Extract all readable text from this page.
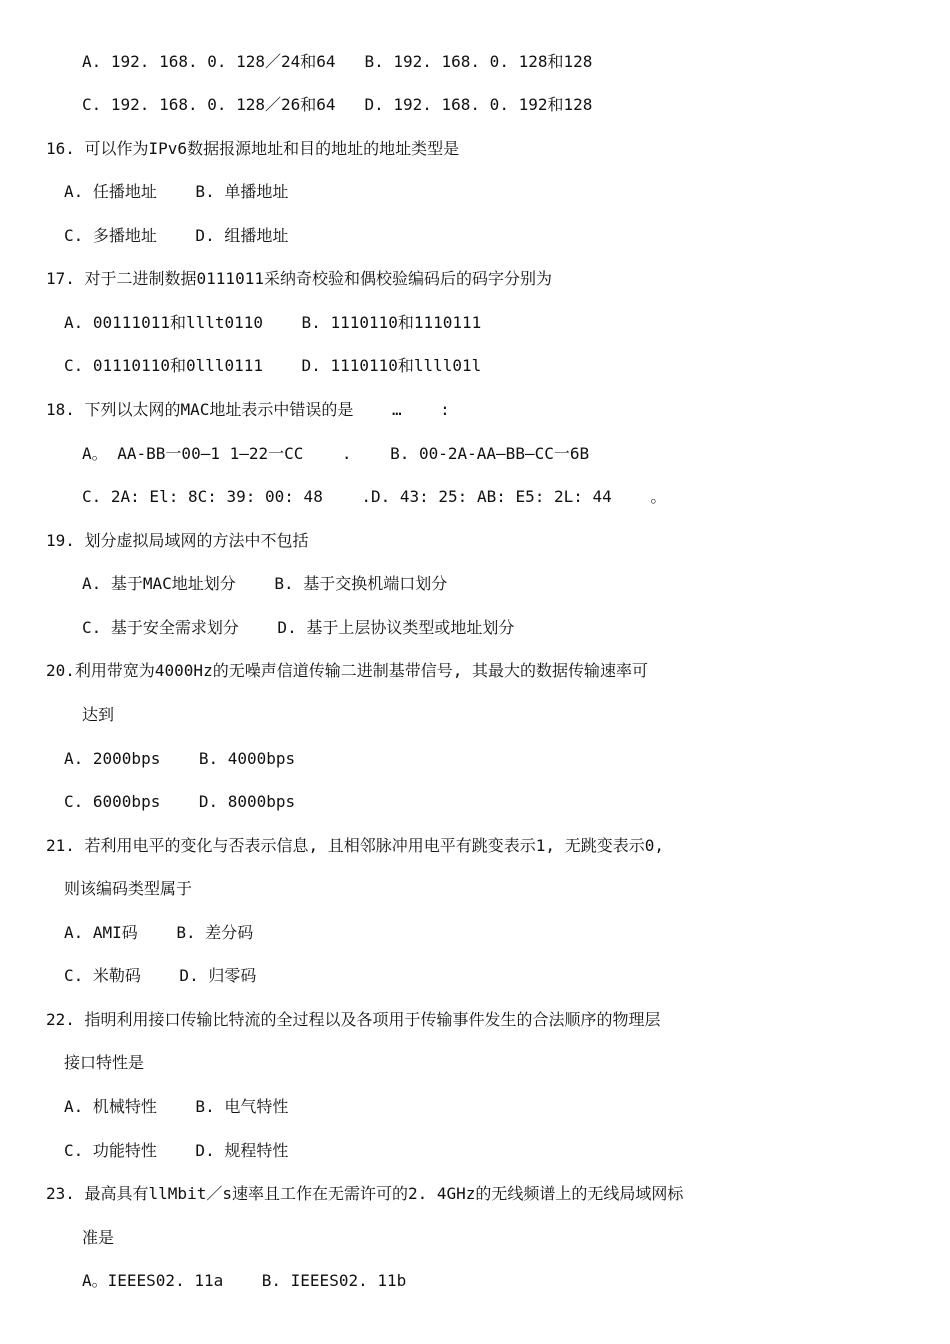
A. 192. 168. 0. 128／24和64   B. 192. 168. 0. 128和128
C. 192. 168. 0. 128／26和64   D. 192. 168. 0. 192和128
16. 可以作为IPv6数据报源地址和目的地址的地址类型是
A. 任播地址    B. 单播地址
C. 多播地址    D. 组播地址
17. 对于二进制数据0111011采纳奇校验和偶校验编码后的码字分别为
A. 00111011和lllt0110    B. 1110110和1110111
C. 01110110和0lll0111    D. 1110110和llll01l
18. 下列以太网的MAC地址表示中错误的是    …    :
A。 AA-BB一00—1 1—22一CC    .    B. 00-2A-AA—BB—CC一6B
C. 2A: El: 8C: 39: 00: 48    .D. 43: 25: AB: E5: 2L: 44    。
19. 划分虚拟局域网的方法中不包括
A. 基于MAC地址划分    B. 基于交换机端口划分
C. 基于安全需求划分    D. 基于上层协议类型或地址划分
20.利用带宽为4000Hz的无噪声信道传输二进制基带信号, 其最大的数据传输速率可
达到
A. 2000bps    B. 4000bps
C. 6000bps    D. 8000bps
21. 若利用电平的变化与否表示信息, 且相邻脉冲用电平有跳变表示1, 无跳变表示0,
则该编码类型属于
A. AMI码    B. 差分码
C. 米勒码    D. 归零码
22. 指明利用接口传输比特流的全过程以及各项用于传输事件发生的合法顺序的物理层
接口特性是
A. 机械特性    B. 电气特性
C. 功能特性    D. 规程特性
23. 最高具有llMbit／s速率且工作在无需许可的2. 4GHz的无线频谱上的无线局域网标
准是
A。IEEES02. 11a    B. IEEES02. 11b
